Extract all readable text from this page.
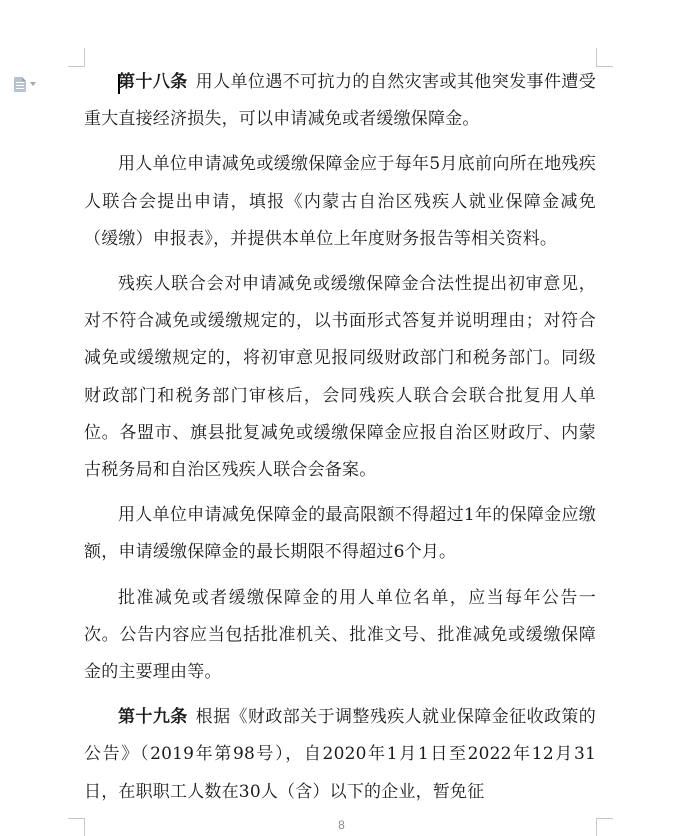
第十八条 用人单位遇不可抗力的自然灾害或其他突发事件遭受重大直接经济损失，可以申请减免或者缓缴保障金。

用人单位申请减免或缓缴保障金应于每年5月底前向所在地残疾人联合会提出申请，填报《内蒙古自治区残疾人就业保障金减免（缓缴）申报表》，并提供本单位上年度财务报告等相关资料。

残疾人联合会对申请减免或缓缴保障金合法性提出初审意见，对不符合减免或缓缴规定的，以书面形式答复并说明理由；对符合减免或缓缴规定的，将初审意见报同级财政部门和税务部门。同级财政部门和税务部门审核后，会同残疾人联合会联合批复用人单位。各盟市、旗县批复减免或缓缴保障金应报自治区财政厅、内蒙古税务局和自治区残疾人联合会备案。

用人单位申请减免保障金的最高限额不得超过1年的保障金应缴额，申请缓缴保障金的最长期限不得超过6个月。

批准减免或者缓缴保障金的用人单位名单，应当每年公告一次。公告内容应当包括批准机关、批准文号、批准减免或缓缴保障金的主要理由等。

第十九条 根据《财政部关于调整残疾人就业保障金征收政策的公告》（2019年第98号），自2020年1月1日至2022年12月31日，在职职工人数在30人（含）以下的企业，暂免征

8
